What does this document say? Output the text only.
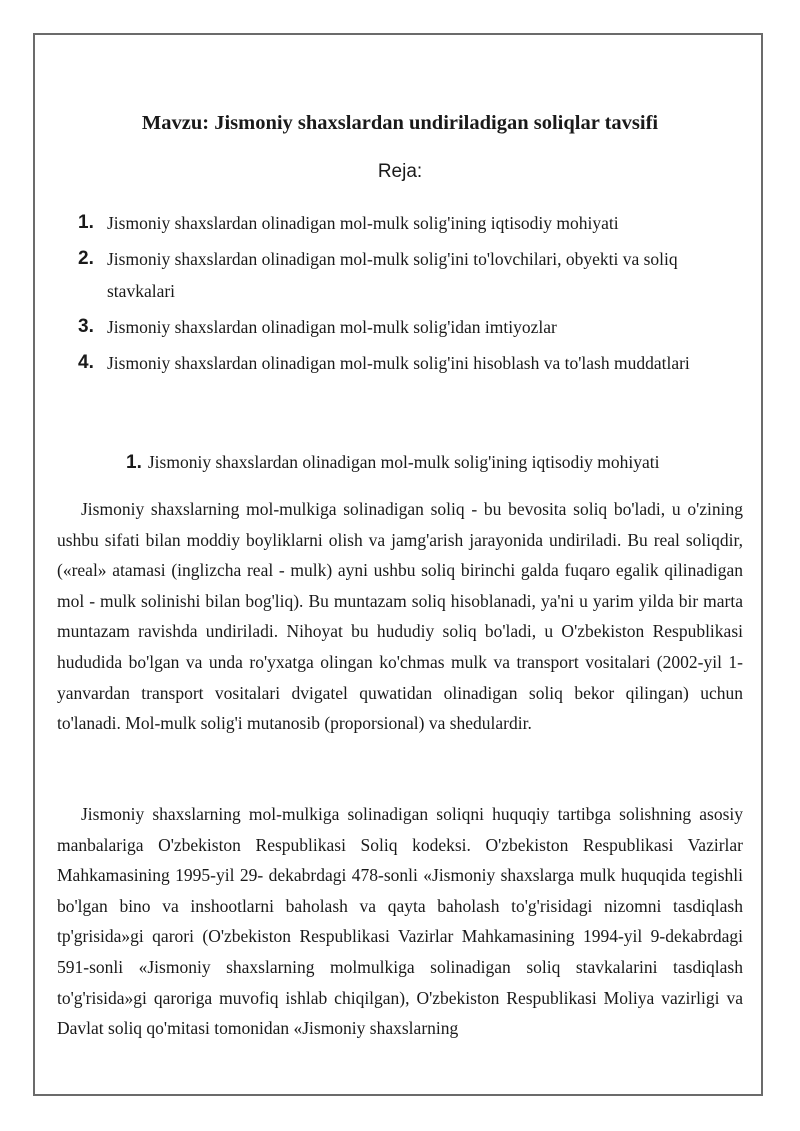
Mavzu: Jismoniy shaxslardan undiriladigan soliqlar tavsifi
Reja:
1. Jismoniy shaxslardan olinadigan mol-mulk solig'ining iqtisodiy mohiyati
2. Jismoniy shaxslardan olinadigan mol-mulk solig'ini to'lovchilari, obyekti va soliq stavkalari
3. Jismoniy shaxslardan olinadigan mol-mulk solig'idan imtiyozlar
4. Jismoniy shaxslardan olinadigan mol-mulk solig'ini hisoblash va to'lash muddatlari
1. Jismoniy shaxslardan olinadigan mol-mulk solig'ining iqtisodiy mohiyati

Jismoniy shaxslarning mol-mulkiga solinadigan soliq - bu bevosita soliq bo'ladi, u o'zining ushbu sifati bilan moddiy boyliklarni olish va jamg'arish jarayonida undiriladi. Bu real soliqdir, («real» atamasi (inglizcha real - mulk) ayni ushbu soliq birinchi galda fuqaro egalik qilinadigan mol - mulk solinishi bilan bog'liq). Bu muntazam soliq hisoblanadi, ya'ni u yarim yilda bir marta muntazam ravishda undiriladi. Nihoyat bu hududiy soliq bo'ladi, u O'zbekiston Respublikasi hududida bo'lgan va unda ro'yxatga olingan ko'chmas mulk va transport vositalari (2002-yil 1- yanvardan transport vositalari dvigatel quwatidan olinadigan soliq bekor qilingan) uchun to'lanadi. Mol-mulk solig'i mutanosib (proporsional) va shedulardir.

Jismoniy shaxslarning mol-mulkiga solinadigan soliqni huquqiy tartibga solishning asosiy manbalariga O'zbekiston Respublikasi Soliq kodeksi. O'zbekiston Respublikasi Vazirlar Mahkamasining 1995-yil 29- dekabrdagi 478-sonli «Jismoniy shaxslarga mulk huquqida tegishli bo'lgan bino va inshootlarni baholash va qayta baholash to'g'risidagi nizomni tasdiqlash tp'grisida»gi qarori (O'zbekiston Respublikasi Vazirlar Mahkamasining 1994-yil 9-dekabrdagi 591-sonli «Jismoniy shaxslarning molmulkiga solinadigan soliq stavkalarini tasdiqlash to'g'risida»gi qaroriga muvofiq ishlab chiqilgan), O'zbekiston Respublikasi Moliya vazirligi va Davlat soliq qo'mitasi tomonidan «Jismoniy shaxslarning
